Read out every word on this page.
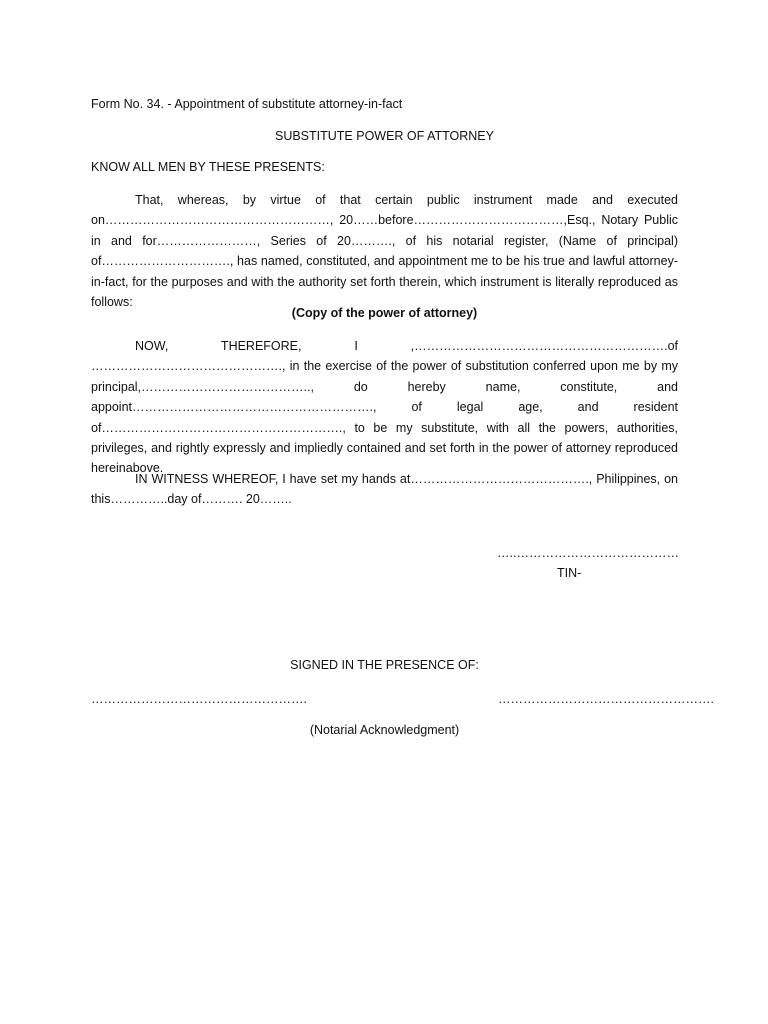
Form No. 34. - Appointment of substitute attorney-in-fact
SUBSTITUTE POWER OF ATTORNEY
KNOW ALL MEN BY THESE PRESENTS:
That, whereas, by virtue of that certain public instrument made and executed on………………………………………………, 20……before………………………………,Esq., Notary Public in and for……………………, Series of 20………., of his notarial register, (Name of principal) of…………………………., has named, constituted, and appointment me to be his true and lawful attorney-in-fact, for the purposes and with the authority set forth therein, which instrument is literally reproduced as follows:
(Copy of the power of attorney)
NOW, THEREFORE, I ,…………………………………………………….of ………………………………………., in the exercise of the power of substitution conferred upon me by my principal,………………………………….., do hereby name, constitute, and appoint…………………………………………………., of legal age, and resident of…………………………………………………., to be my substitute, with all the powers, authorities, privileges, and rightly expressly and impliedly contained and set forth in the power of attorney reproduced hereinabove.
IN WITNESS WHEREOF, I have set my hands at……………………………………., Philippines, on this…………..day of………. 20……..
…..…………………………………
TIN-
SIGNED IN THE PRESENCE OF:
…………………………………………….	…………………………………………….
(Notarial Acknowledgment)
